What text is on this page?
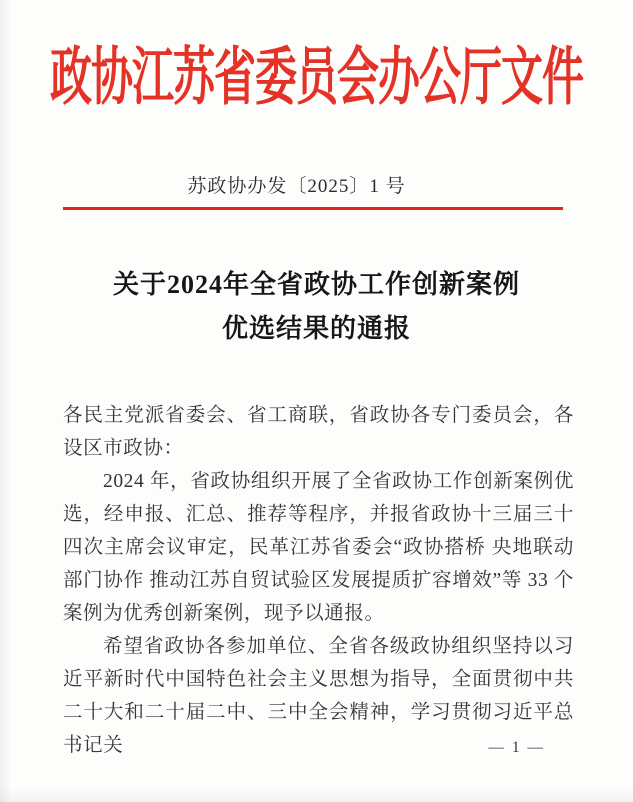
政协江苏省委员会办公厅文件
苏政协办发〔2025〕1 号
关于2024年全省政协工作创新案例
优选结果的通报

各民主党派省委会、省工商联，省政协各专门委员会，各设区市政协：

2024 年，省政协组织开展了全省政协工作创新案例优选，经申报、汇总、推荐等程序，并报省政协十三届三十四次主席会议审定，民革江苏省委会“政协搭桥 央地联动 部门协作 推动江苏自贸试验区发展提质扩容增效”等 33 个案例为优秀创新案例，现予以通报。

希望省政协各参加单位、全省各级政协组织坚持以习近平新时代中国特色社会主义思想为指导，全面贯彻中共二十大和二十届二中、三中全会精神，学习贯彻习近平总书记关	— 1 —
